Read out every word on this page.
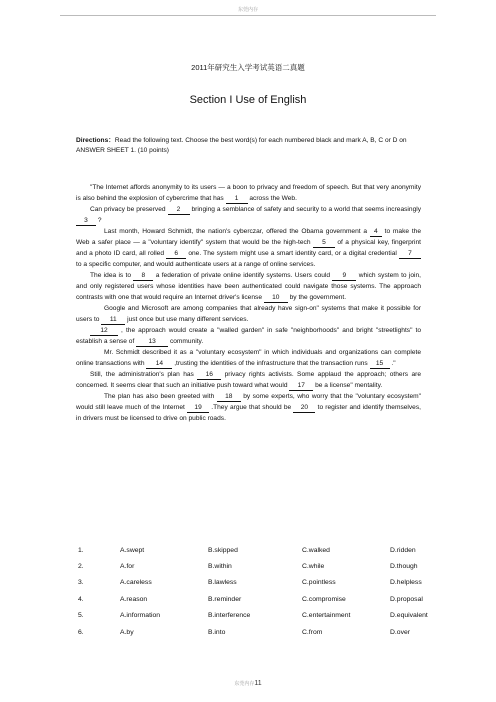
东莞内存
2011年研究生入学考试英语二真题
Section I Use of English
Directions：Read the following text. Choose the best word(s) for each numbered black and mark A, B, C or D on ANSWER SHEET 1. (10 points)

"The Internet affords anonymity to its users — a boon to privacy and freedom of speech. But that very anonymity is also behind the explosion of cybercrime that has 1 across the Web.

Can privacy be preserved 2 bringing a semblance of safety and security to a world that seems increasingly 3 ?

Last month, Howard Schmidt, the nation's cyberczar, offered the Obama government a 4 to make the Web a safer place — a "voluntary identify" system that would be the high-tech 5 of a physical key, fingerprint and a photo ID card, all rolled 6 one. The system might use a smart identity card, or a digital credential 7 to a specific computer, and would authenticate users at a range of online services.

The idea is to 8 a federation of private online identify systems. Users could 9 which system to join, and only registered users whose identities have been authenticated could navigate those systems. The approach contrasts with one that would require an Internet driver's license 10 by the government.

Google and Microsoft are among companies that already have sign-on" systems that make it possible for users to 11 just once but use many different services.

12 , the approach would create a "walled garden" in safe "neighborhoods" and bright "streetlights" to establish a sense of 13 community.

Mr. Schmidt described it as a "voluntary ecosystem" in which individuals and organizations can complete online transactions with 14 ,trusting the identities of the infrastructure that the transaction runs 15 ."

Still, the administration's plan has 16 privacy rights activists. Some applaud the approach; others are concerned. It seems clear that such an initiative push toward what would 17 be a license" mentality.

The plan has also been greeted with 18 by some experts, who worry that the "voluntary ecosystem" would still leave much of the Internet 19 .They argue that should be 20 to register and identify themselves, in drivers must be licensed to drive on public roads.

1.	A.swept	B.skipped	C.walked	D.ridden
2.	A.for	B.within	C.while	D.though
3.	A.careless	B.lawless	C.pointless	D.helpless
4.	A.reason	B.reminder	C.compromise	D.proposal
5.	A.information	B.interference	C.entertainment	D.equivalent
6.	A.by	B.into	C.from	D.over
东莞内存11
